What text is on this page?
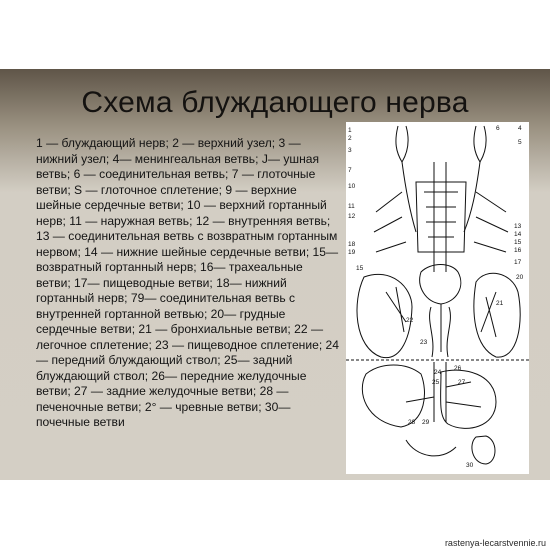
Схема блуждающего нерва
1 — блуждающий нерв; 2 — верхний узел; 3 — нижний узел; 4— менингеальная ветвь; J— ушная ветвь; 6 — соединительная ветвь; 7 — глоточные ветви; S — глоточное сплетение; 9 — верхние шейные сердечные ветви; 10 — верхний гортанный нерв; 11 — наружная ветвь; 12 — внутренняя ветвь; 13 — соединительная ветвь с возвратным гортанным нервом; 14 — нижние шейные сердечные ветви; 15— возвратный гортанный нерв; 16— трахеальные ветви; 17— пищеводные ветви; 18— нижний гортанный нерв; 79— соединительная ветвь с внутренней гортанной ветвью; 20— грудные сердечные ветви; 21 — бронхиальные ветви; 22 — легочное сплетение; 23 — пищеводное сплетение; 24 — передний блуждающий ствол; 25— задний блуждающий ствол; 26— передние желудочные ветви; 27 — задние желудочные ветви; 28 — печеночные ветви; 2° — чревные ветви; 30— почечные ветви
1
2
3
4
6
5
7
10
11
12
13
14
15
16
17
18
19
20
21
15
22
23
24
25
26
27
28 29
30
rastenya-lecarstvennie.ru
